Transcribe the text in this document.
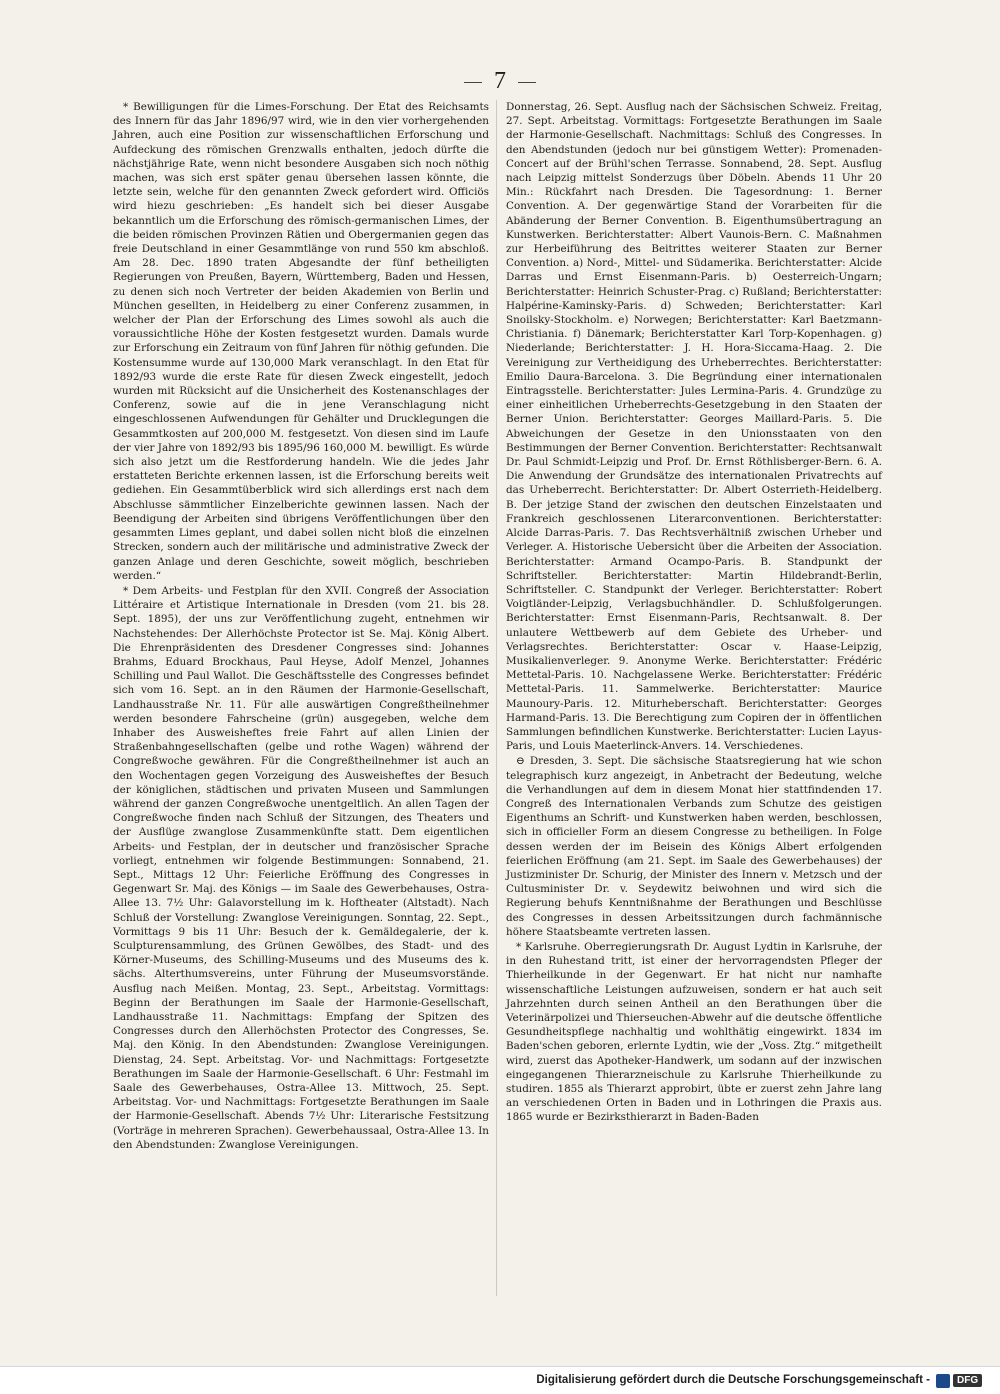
7

* Bewilligungen für die Limes-Forschung. Der Etat des Reichsamts des Innern für das Jahr 1896/97 wird, wie in den vier vorhergehenden Jahren, auch eine Position zur wissenschaftlichen Erforschung und Aufdeckung des römischen Grenzwalls enthalten, jedoch dürfte die nächstjährige Rate, wenn nicht besondere Ausgaben sich noch nöthig machen, was sich erst später genau übersehen lassen könnte, die letzte sein, welche für den genannten Zweck gefordert wird. Officiös wird hiezu geschrieben: „Es handelt sich bei dieser Ausgabe bekanntlich um die Erforschung des römisch-germanischen Limes, der die beiden römischen Provinzen Rätien und Obergermanien gegen das freie Deutschland in einer Gesammtlänge von rund 550 km abschloß. Am 28. Dec. 1890 traten Abgesandte der fünf betheiligten Regierungen von Preußen, Bayern, Württemberg, Baden und Hessen, zu denen sich noch Vertreter der beiden Akademien von Berlin und München gesellten, in Heidelberg zu einer Conferenz zusammen, in welcher der Plan der Erforschung des Limes sowohl als auch die voraussichtliche Höhe der Kosten festgesetzt wurden. Damals wurde zur Erforschung ein Zeitraum von fünf Jahren für nöthig gefunden. Die Kostensumme wurde auf 130,000 Mark veranschlagt. In den Etat für 1892/93 wurde die erste Rate für diesen Zweck eingestellt, jedoch wurden mit Rücksicht auf die Unsicherheit des Kostenanschlages der Conferenz, sowie auf die in jene Veranschlagung nicht eingeschlossenen Aufwendungen für Gehälter und Drucklegungen die Gesammtkosten auf 200,000 M. festgesetzt. Von diesen sind im Laufe der vier Jahre von 1892/93 bis 1895/96 160,000 M. bewilligt. Es würde sich also jetzt um die Restforderung handeln. Wie die jedes Jahr erstatteten Berichte erkennen lassen, ist die Erforschung bereits weit gediehen. Ein Gesammtüberblick wird sich allerdings erst nach dem Abschlusse sämmtlicher Einzelberichte gewinnen lassen. Nach der Beendigung der Arbeiten sind übrigens Veröffentlichungen über den gesammten Limes geplant, und dabei sollen nicht bloß die einzelnen Strecken, sondern auch der militärische und administrative Zweck der ganzen Anlage und deren Geschichte, soweit möglich, beschrieben werden.“

* Dem Arbeits- und Festplan für den XVII. Congreß der Association Littéraire et Artistique Internationale in Dresden (vom 21. bis 28. Sept. 1895), der uns zur Veröffentlichung zugeht, entnehmen wir Nachstehendes: Der Allerhöchste Protector ist Se. Maj. König Albert. Die Ehrenpräsidenten des Dresdener Congresses sind: Johannes Brahms, Eduard Brockhaus, Paul Heyse, Adolf Menzel, Johannes Schilling und Paul Wallot. Die Geschäftsstelle des Congresses befindet sich vom 16. Sept. an in den Räumen der Harmonie-Gesellschaft, Landhausstraße Nr. 11. Für alle auswärtigen Congreßtheilnehmer werden besondere Fahrscheine (grün) ausgegeben, welche dem Inhaber des Ausweisheftes freie Fahrt auf allen Linien der Straßenbahngesellschaften (gelbe und rothe Wagen) während der Congreßwoche gewähren. Für die Congreßtheilnehmer ist auch an den Wochentagen gegen Vorzeigung des Ausweisheftes der Besuch der königlichen, städtischen und privaten Museen und Sammlungen während der ganzen Congreßwoche unentgeltlich. An allen Tagen der Congreßwoche finden nach Schluß der Sitzungen, des Theaters und der Ausflüge zwanglose Zusammenkünfte statt. Dem eigentlichen Arbeits- und Festplan, der in deutscher und französischer Sprache vorliegt, entnehmen wir folgende Bestimmungen: Sonnabend, 21. Sept., Mittags 12 Uhr: Feierliche Eröffnung des Congresses in Gegenwart Sr. Maj. des Königs — im Saale des Gewerbehauses, Ostra-Allee 13. 7½ Uhr: Galavorstellung im k. Hoftheater (Altstadt). Nach Schluß der Vorstellung: Zwanglose Vereinigungen. Sonntag, 22. Sept., Vormittags 9 bis 11 Uhr: Besuch der k. Gemäldegalerie, der k. Sculpturensammlung, des Grünen Gewölbes, des Stadt- und des Körner-Museums, des Schilling-Museums und des Museums des k. sächs. Alterthumsvereins, unter Führung der Museumsvorstände. Ausflug nach Meißen. Montag, 23. Sept., Arbeitstag. Vormittags: Beginn der Berathungen im Saale der Harmonie-Gesellschaft, Landhausstraße 11. Nachmittags: Empfang der Spitzen des Congresses durch den Allerhöchsten Protector des Congresses, Se. Maj. den König. In den Abendstunden: Zwanglose Vereinigungen. Dienstag, 24. Sept. Arbeitstag. Vor- und Nachmittags: Fortgesetzte Berathungen im Saale der Harmonie-Gesellschaft. 6 Uhr: Festmahl im Saale des Gewerbehauses, Ostra-Allee 13. Mittwoch, 25. Sept. Arbeitstag. Vor- und Nachmittags: Fortgesetzte Berathungen im Saale der Harmonie-Gesellschaft. Abends 7½ Uhr: Literarische Festsitzung (Vorträge in mehreren Sprachen). Gewerbehaussaal, Ostra-Allee 13. In den Abendstunden: Zwanglose Vereinigungen.

Donnerstag, 26. Sept. Ausflug nach der Sächsischen Schweiz. Freitag, 27. Sept. Arbeitstag. Vormittags: Fortgesetzte Berathungen im Saale der Harmonie-Gesellschaft. Nachmittags: Schluß des Congresses. In den Abendstunden (jedoch nur bei günstigem Wetter): Promenaden-Concert auf der Brühl'schen Terrasse. Sonnabend, 28. Sept. Ausflug nach Leipzig mittelst Sonderzugs über Döbeln. Abends 11 Uhr 20 Min.: Rückfahrt nach Dresden. Die Tagesordnung: 1. Berner Convention. A. Der gegenwärtige Stand der Vorarbeiten für die Abänderung der Berner Convention. B. Eigenthumsübertragung an Kunstwerken. Berichterstatter: Albert Vaunois-Bern. C. Maßnahmen zur Herbeiführung des Beitrittes weiterer Staaten zur Berner Convention. a) Nord-, Mittel- und Südamerika. Berichterstatter: Alcide Darras und Ernst Eisenmann-Paris. b) Oesterreich-Ungarn; Berichterstatter: Heinrich Schuster-Prag. c) Rußland; Berichterstatter: Halpérine-Kaminsky-Paris. d) Schweden; Berichterstatter: Karl Snoilsky-Stockholm. e) Norwegen; Berichterstatter: Karl Baetzmann-Christiania. f) Dänemark; Berichterstatter Karl Torp-Kopenhagen. g) Niederlande; Berichterstatter: J. H. Hora-Siccama-Haag. 2. Die Vereinigung zur Vertheidigung des Urheberrechtes. Berichterstatter: Emilio Daura-Barcelona. 3. Die Begründung einer internationalen Eintragsstelle. Berichterstatter: Jules Lermina-Paris. 4. Grundzüge zu einer einheitlichen Urheberrechts-Gesetzgebung in den Staaten der Berner Union. Berichterstatter: Georges Maillard-Paris. 5. Die Abweichungen der Gesetze in den Unionsstaaten von den Bestimmungen der Berner Convention. Berichterstatter: Rechtsanwalt Dr. Paul Schmidt-Leipzig und Prof. Dr. Ernst Röthlisberger-Bern. 6. A. Die Anwendung der Grundsätze des internationalen Privatrechts auf das Urheberrecht. Berichterstatter: Dr. Albert Osterrieth-Heidelberg. B. Der jetzige Stand der zwischen den deutschen Einzelstaaten und Frankreich geschlossenen Literarconventionen. Berichterstatter: Alcide Darras-Paris. 7. Das Rechtsverhältniß zwischen Urheber und Verleger. A. Historische Uebersicht über die Arbeiten der Association. Berichterstatter: Armand Ocampo-Paris. B. Standpunkt der Schriftsteller. Berichterstatter: Martin Hildebrandt-Berlin, Schriftsteller. C. Standpunkt der Verleger. Berichterstatter: Robert Voigtländer-Leipzig, Verlagsbuchhändler. D. Schlußfolgerungen. Berichterstatter: Ernst Eisenmann-Paris, Rechtsanwalt. 8. Der unlautere Wettbewerb auf dem Gebiete des Urheber- und Verlagsrechtes. Berichterstatter: Oscar v. Haase-Leipzig, Musikalienverleger. 9. Anonyme Werke. Berichterstatter: Frédéric Mettetal-Paris. 10. Nachgelassene Werke. Berichterstatter: Frédéric Mettetal-Paris. 11. Sammelwerke. Berichterstatter: Maurice Maunoury-Paris. 12. Miturheberschaft. Berichterstatter: Georges Harmand-Paris. 13. Die Berechtigung zum Copiren der in öffentlichen Sammlungen befindlichen Kunstwerke. Berichterstatter: Lucien Layus-Paris, und Louis Maeterlinck-Anvers. 14. Verschiedenes.

⊖ Dresden, 3. Sept. Die sächsische Staatsregierung hat wie schon telegraphisch kurz angezeigt, in Anbetracht der Bedeutung, welche die Verhandlungen auf dem in diesem Monat hier stattfindenden 17. Congreß des Internationalen Verbands zum Schutze des geistigen Eigenthums an Schrift- und Kunstwerken haben werden, beschlossen, sich in officieller Form an diesem Congresse zu betheiligen. In Folge dessen werden der im Beisein des Königs Albert erfolgenden feierlichen Eröffnung (am 21. Sept. im Saale des Gewerbehauses) der Justizminister Dr. Schurig, der Minister des Innern v. Metzsch und der Cultusminister Dr. v. Seydewitz beiwohnen und wird sich die Regierung behufs Kenntnißnahme der Berathungen und Beschlüsse des Congresses in dessen Arbeitssitzungen durch fachmännische höhere Staatsbeamte vertreten lassen.

* Karlsruhe. Oberregierungsrath Dr. August Lydtin in Karlsruhe, der in den Ruhestand tritt, ist einer der hervorragendsten Pfleger der Thierheilkunde in der Gegenwart. Er hat nicht nur namhafte wissenschaftliche Leistungen aufzuweisen, sondern er hat auch seit Jahrzehnten durch seinen Antheil an den Berathungen über die Veterinärpolizei und Thierseuchen-Abwehr auf die deutsche öffentliche Gesundheitspflege nachhaltig und wohlthätig eingewirkt. 1834 im Baden'schen geboren, erlernte Lydtin, wie der „Voss. Ztg.“ mitgetheilt wird, zuerst das Apotheker-Handwerk, um sodann auf der inzwischen eingegangenen Thierarzneischule zu Karlsruhe Thierheilkunde zu studiren. 1855 als Thierarzt approbirt, übte er zuerst zehn Jahre lang an verschiedenen Orten in Baden und in Lothringen die Praxis aus. 1865 wurde er Bezirksthierarzt in Baden-Baden

Digitalisierung gefördert durch die Deutsche Forschungsgemeinschaft -	DFG
